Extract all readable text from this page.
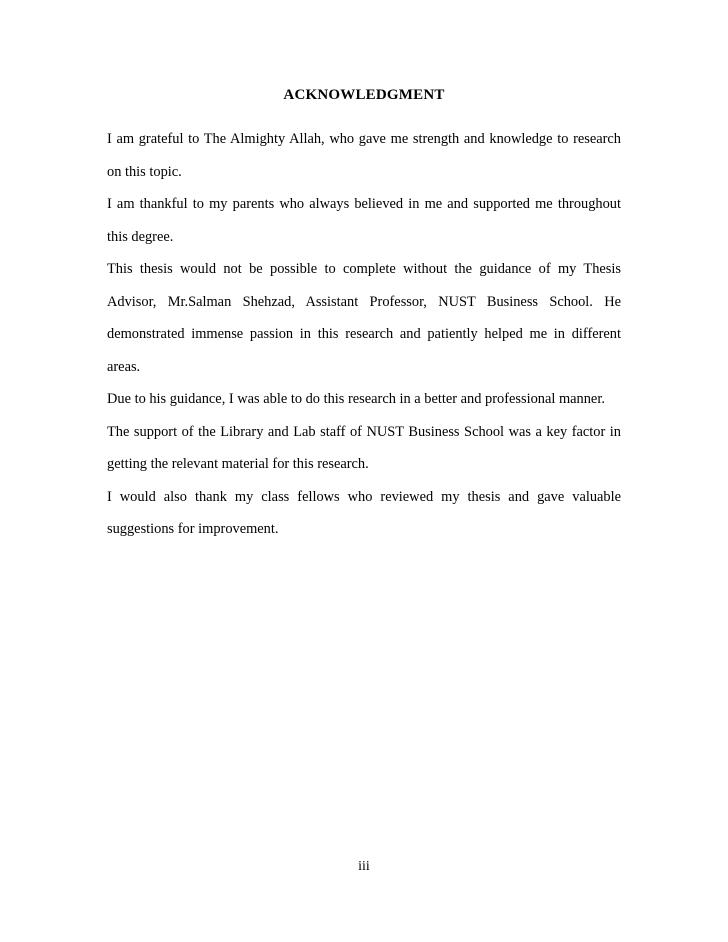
ACKNOWLEDGMENT

I am grateful to The Almighty Allah, who gave me strength and knowledge to research on this topic.

I am thankful to my parents who always believed in me and supported me throughout this degree.

This thesis would not be possible to complete without the guidance of my Thesis Advisor, Mr.Salman Shehzad, Assistant Professor, NUST Business School. He demonstrated immense passion in this research and patiently helped me in different areas.

Due to his guidance, I was able to do this research in a better and professional manner.

The support of the Library and Lab staff of NUST Business School was a key factor in getting the relevant material for this research.

I would also thank my class fellows who reviewed my thesis and gave valuable suggestions for improvement.

iii
